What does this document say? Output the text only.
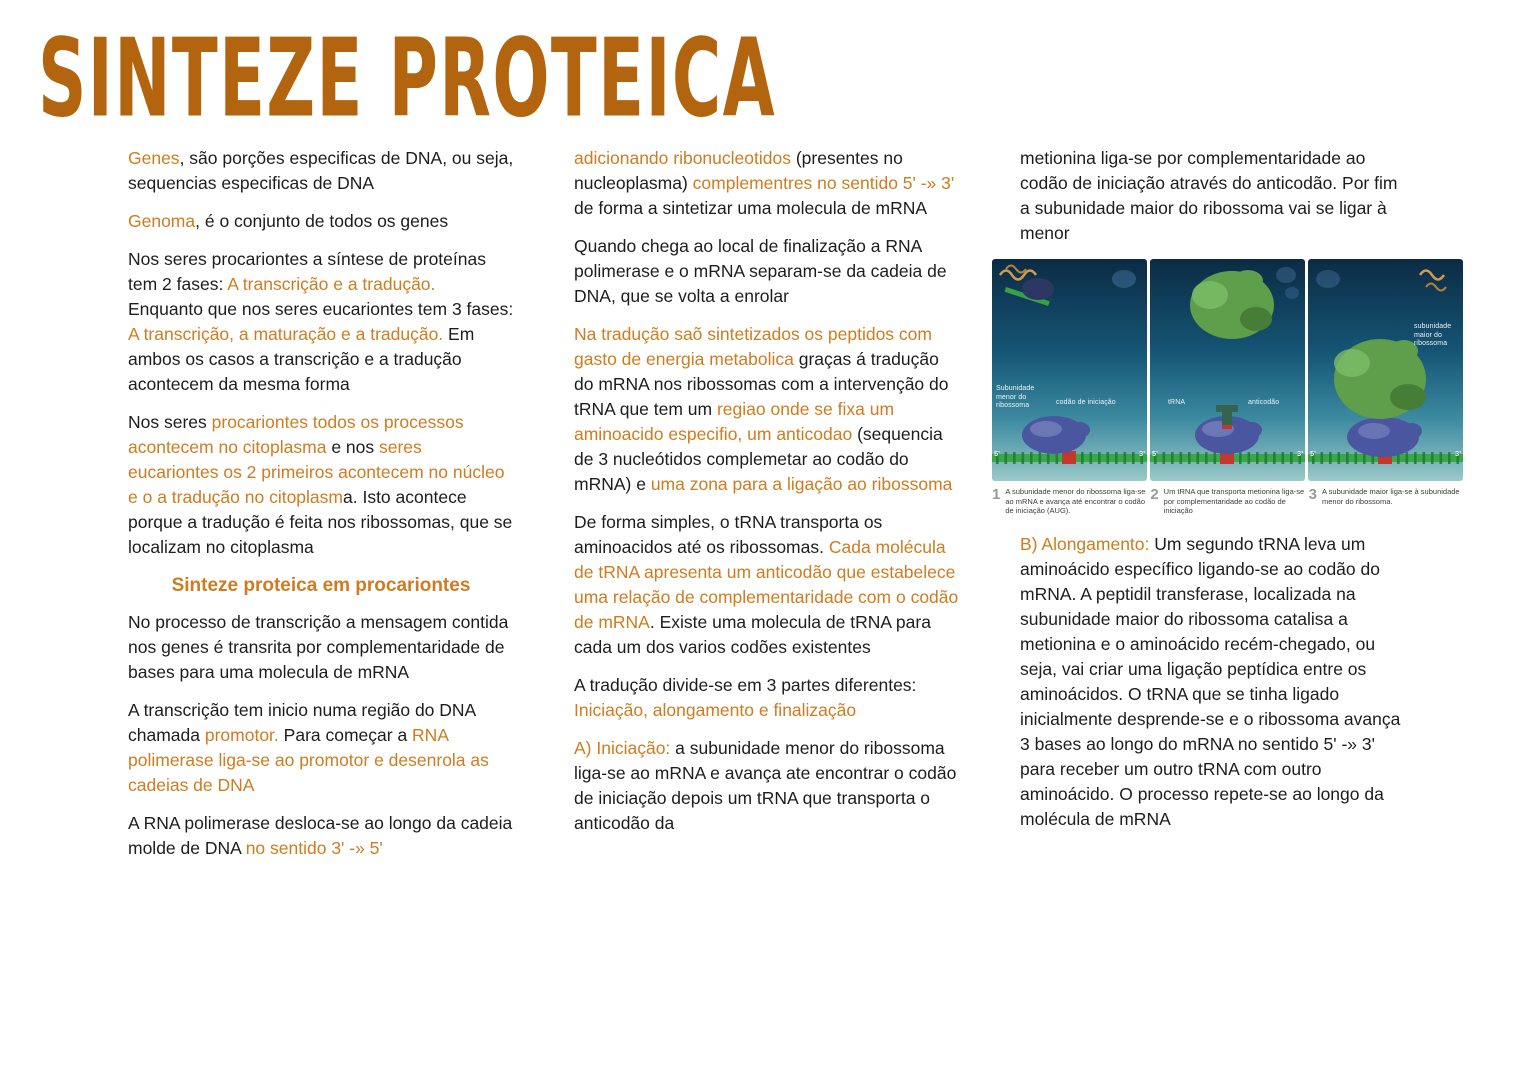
SINTEZE PROTEICA

Genes, são porções especificas de DNA, ou seja, sequencias especificas de DNA

Genoma, é o conjunto de todos os genes

Nos seres procariontes a síntese de proteínas tem 2 fases: A transcrição e a tradução. Enquanto que nos seres eucariontes tem 3 fases: A transcrição, a maturação e a tradução. Em ambos os casos a transcrição e a tradução acontecem da mesma forma

Nos seres procariontes todos os processos acontecem no citoplasma e nos seres eucariontes os 2 primeiros acontecem no núcleo e o a tradução no citoplasma. Isto acontece porque a tradução é feita nos ribossomas, que se localizam no citoplasma

Sinteze proteica em procariontes

No processo de transcrição a mensagem contida nos genes é transrita por complementaridade de bases para uma molecula de mRNA

A transcrição tem inicio numa região do DNA chamada promotor. Para começar a RNA polimerase liga-se ao promotor e desenrola as cadeias de DNA

A RNA polimerase desloca-se ao longo da cadeia molde de DNA no sentido 3' -» 5'

adicionando ribonucleotidos (presentes no nucleoplasma) complementres no sentido 5' -» 3' de forma a sintetizar uma molecula de mRNA

Quando chega ao local de finalização a RNA polimerase e o mRNA separam-se da cadeia de DNA, que se volta a enrolar

Na tradução saõ sintetizados os peptidos com gasto de energia metabolica graças á tradução do mRNA nos ribossomas com a intervenção do tRNA que tem um regiao onde se fixa um aminoacido especifio, um anticodao (sequencia de 3 nucleótidos complemetar ao codão do mRNA) e uma zona para a ligação ao ribossoma

De forma simples, o tRNA transporta os aminoacidos até os ribossomas. Cada molécula de tRNA apresenta um anticodão que estabelece uma relação de complementaridade com o codão de mRNA. Existe uma molecula de tRNA para cada um dos varios codões existentes

A tradução divide-se em 3 partes diferentes: Iniciação, alongamento e finalização

A) Iniciação: a subunidade menor do ribossoma liga-se ao mRNA e avança ate encontrar o codão de iniciação depois um tRNA que transporta o anticodão da

metionina liga-se por complementaridade ao codão de iniciação através do anticodão. Por fim a subunidade maior do ribossoma vai se ligar à menor

Subunidade menor do ribossoma	codão de iniciação
5'	3'
tRNA	anticodão
5'	3'
subunidade maior do ribossoma
5'	3'
1 A subunidade menor do ribossoma liga-se ao mRNA e avança até encontrar o codão de iniciação (AUG).
2 Um tRNA que transporta metionina liga-se por complementaridade ao codão de iniciação
3 A subunidade maior liga-se à subunidade menor do ribossoma.

B) Alongamento: Um segundo tRNA leva um aminoácido específico ligando-se ao codão do mRNA. A peptidil transferase, localizada na subunidade maior do ribossoma catalisa a metionina e o aminoácido recém-chegado, ou seja, vai criar uma ligação peptídica entre os aminoácidos. O tRNA que se tinha ligado inicialmente desprende-se e o ribossoma avança 3 bases ao longo do mRNA no sentido 5' -» 3' para receber um outro tRNA com outro aminoácido. O processo repete-se ao longo da molécula de mRNA
